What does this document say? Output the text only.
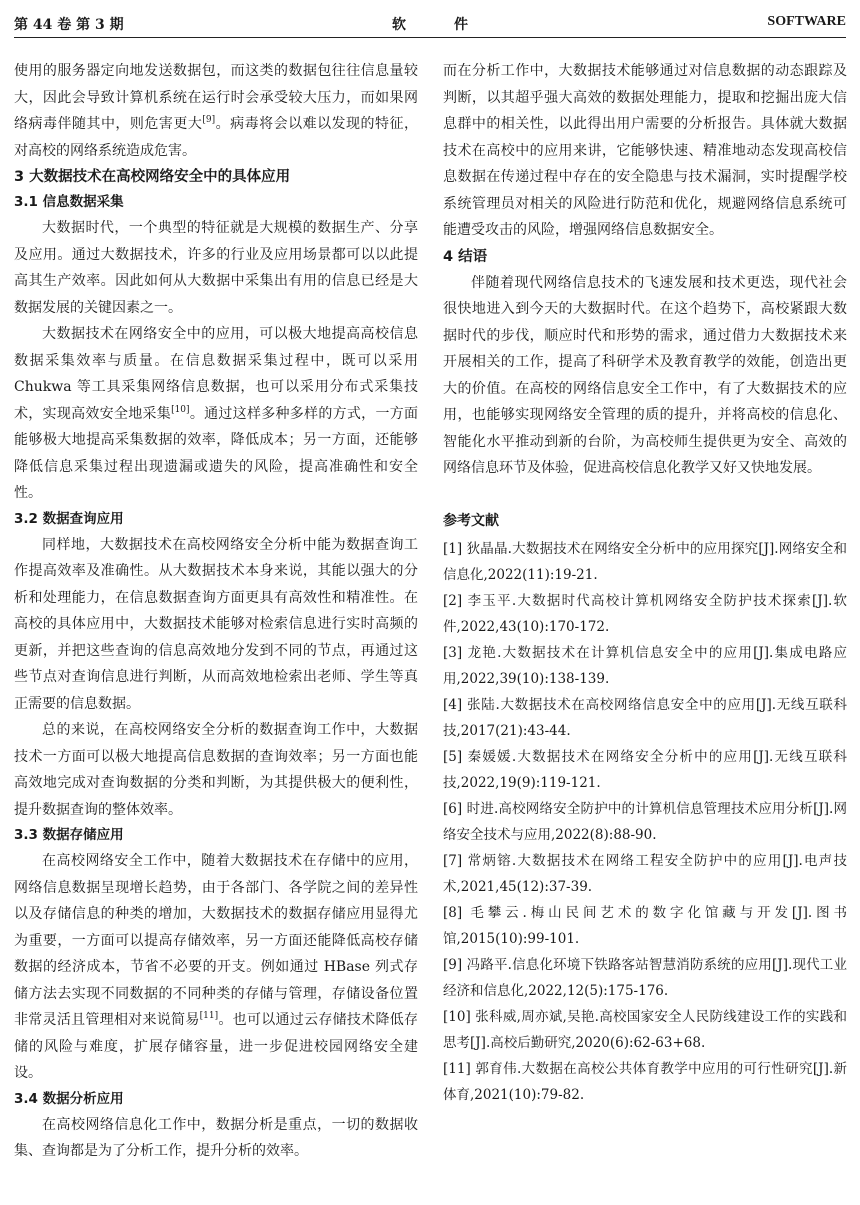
第 44 卷 第 3 期	软件	SOFTWARE

使用的服务器定向地发送数据包，而这类的数据包往往信息量较大，因此会导致计算机系统在运行时会承受较大压力，而如果网络病毒伴随其中，则危害更大[9]。病毒将会以难以发现的特征，对高校的网络系统造成危害。

3 大数据技术在高校网络安全中的具体应用
3.1 信息数据采集

大数据时代，一个典型的特征就是大规模的数据生产、分享及应用。通过大数据技术，许多的行业及应用场景都可以以此提高其生产效率。因此如何从大数据中采集出有用的信息已经是大数据发展的关键因素之一。

大数据技术在网络安全中的应用，可以极大地提高高校信息数据采集效率与质量。在信息数据采集过程中，既可以采用 Chukwa 等工具采集网络信息数据，也可以采用分布式采集技术，实现高效安全地采集[10]。通过这样多种多样的方式，一方面能够极大地提高采集数据的效率，降低成本；另一方面，还能够降低信息采集过程出现遗漏或遗失的风险，提高准确性和安全性。

3.2 数据查询应用

同样地，大数据技术在高校网络安全分析中能为数据查询工作提高效率及准确性。从大数据技术本身来说，其能以强大的分析和处理能力，在信息数据查询方面更具有高效性和精准性。在高校的具体应用中，大数据技术能够对检索信息进行实时高频的更新，并把这些查询的信息高效地分发到不同的节点，再通过这些节点对查询信息进行判断，从而高效地检索出老师、学生等真正需要的信息数据。

总的来说，在高校网络安全分析的数据查询工作中，大数据技术一方面可以极大地提高信息数据的查询效率；另一方面也能高效地完成对查询数据的分类和判断，为其提供极大的便利性，提升数据查询的整体效率。

3.3 数据存储应用

在高校网络安全工作中，随着大数据技术在存储中的应用，网络信息数据呈现增长趋势，由于各部门、各学院之间的差异性以及存储信息的种类的增加，大数据技术的数据存储应用显得尤为重要，一方面可以提高存储效率，另一方面还能降低高校存储数据的经济成本，节省不必要的开支。例如通过 HBase 列式存储方法去实现不同数据的不同种类的存储与管理，存储设备位置非常灵活且管理相对来说简易[11]。也可以通过云存储技术降低存储的风险与难度，扩展存储容量，进一步促进校园网络安全建设。

3.4 数据分析应用

在高校网络信息化工作中，数据分析是重点，一切的数据收集、查询都是为了分析工作，提升分析的效率。

而在分析工作中，大数据技术能够通过对信息数据的动态跟踪及判断，以其超乎强大高效的数据处理能力，提取和挖掘出庞大信息群中的相关性，以此得出用户需要的分析报告。具体就大数据技术在高校中的应用来讲，它能够快速、精准地动态发现高校信息数据在传递过程中存在的安全隐患与技术漏洞，实时提醒学校系统管理员对相关的风险进行防范和优化，规避网络信息系统可能遭受攻击的风险，增强网络信息数据安全。

4 结语

伴随着现代网络信息技术的飞速发展和技术更迭，现代社会很快地进入到今天的大数据时代。在这个趋势下，高校紧跟大数据时代的步伐，顺应时代和形势的需求，通过借力大数据技术来开展相关的工作，提高了科研学术及教育教学的效能，创造出更大的价值。在高校的网络信息安全工作中，有了大数据技术的应用，也能够实现网络安全管理的质的提升，并将高校的信息化、智能化水平推动到新的台阶，为高校师生提供更为安全、高效的网络信息环节及体验，促进高校信息化教学又好又快地发展。

参考文献

[1] 狄晶晶.大数据技术在网络安全分析中的应用探究[J].网络安全和信息化,2022(11):19-21.

[2] 李玉平.大数据时代高校计算机网络安全防护技术探索[J].软件,2022,43(10):170-172.

[3] 龙艳.大数据技术在计算机信息安全中的应用[J].集成电路应用,2022,39(10):138-139.

[4] 张陆.大数据技术在高校网络信息安全中的应用[J].无线互联科技,2017(21):43-44.

[5] 秦媛媛.大数据技术在网络安全分析中的应用[J].无线互联科技,2022,19(9):119-121.

[6] 时进.高校网络安全防护中的计算机信息管理技术应用分析[J].网络安全技术与应用,2022(8):88-90.

[7] 常炳镕.大数据技术在网络工程安全防护中的应用[J].电声技术,2021,45(12):37-39.

[8] 毛攀云.梅山民间艺术的数字化馆藏与开发[J].图书馆,2015(10):99-101.

[9] 冯路平.信息化环境下铁路客站智慧消防系统的应用[J].现代工业经济和信息化,2022,12(5):175-176.

[10] 张科威,周亦斌,吴艳.高校国家安全人民防线建设工作的实践和思考[J].高校后勤研究,2020(6):62-63+68.

[11] 郭育伟.大数据在高校公共体育教学中应用的可行性研究[J].新体育,2021(10):79-82.
